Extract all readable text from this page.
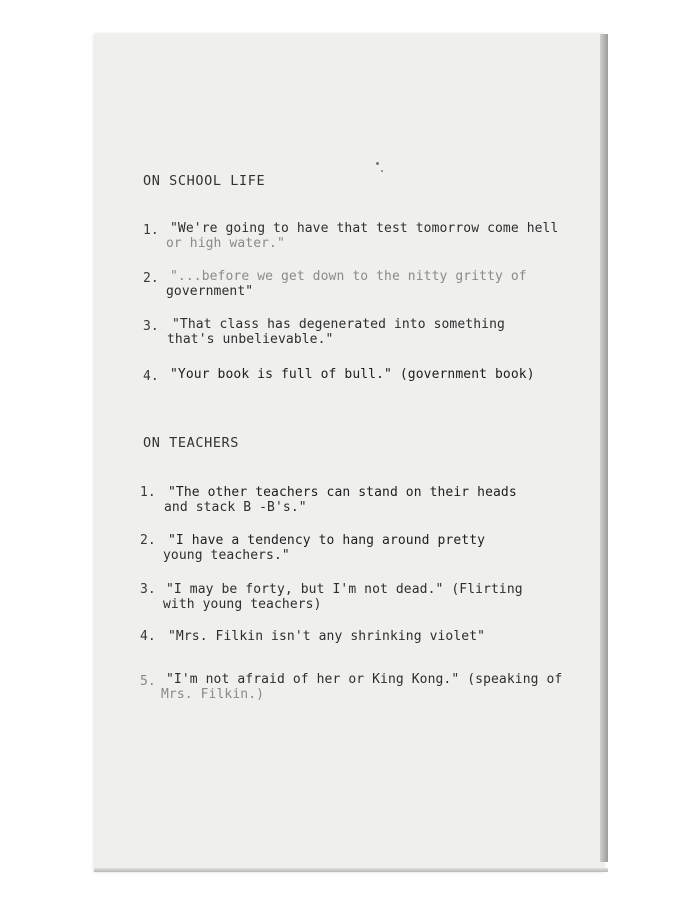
ON SCHOOL LIFE
1. "We're going to have that test tomorrow come hell
or high water."
2. "...before we get down to the nitty gritty of
government"
3. "That class has degenerated into something
that's unbelievable."
4. "Your book is full of bull." (government book)
ON TEACHERS
1. "The other teachers can stand on their heads
and stack B -B's."
2. "I have a tendency to hang around pretty
young teachers."
3. "I may be forty, but I'm not dead." (Flirting
with young teachers)
4. "Mrs. Filkin isn't any shrinking violet"
5. "I'm not afraid of her or King Kong." (speaking of
Mrs. Filkin.)
